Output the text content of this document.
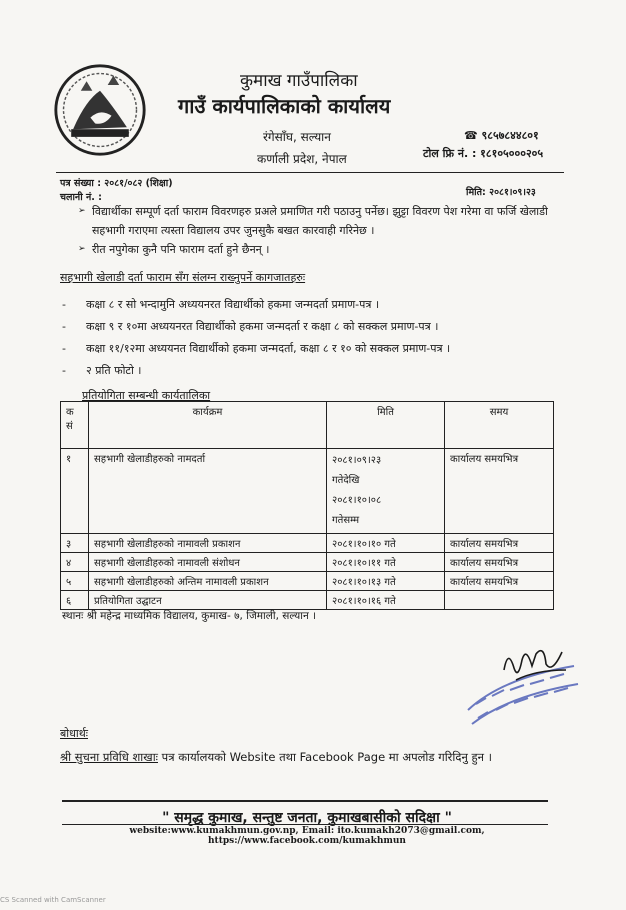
कुमाख गाउँपालिका
गाउँ कार्यपालिकाको कार्यालय
रंगेसाँघ, सल्यान
कर्णाली प्रदेश, नेपाल
☎ ९८५७८४४८०१
टोल फ्रि नं. : १८१०५०००२०५
पत्र संख्या : २०८१/०८२ (शिक्षा)
चलानी नं. :	मिति: २०८१।०९।२३
➢ विद्यार्थीका सम्पूर्ण दर्ता फाराम विवरणहरु प्रअले प्रमाणित गरी पठाउनु पर्नेछ। झुट्टा विवरण पेश गरेमा वा फर्जि खेलाडी सहभागी गराएमा त्यस्ता विद्यालय उपर जुनसुकै बखत कारवाही गरिनेछ ।
➢ रीत नपुगेका कुनै पनि फाराम दर्ता हुने छैनन् ।
सहभागी खेलाडी दर्ता फाराम सँग संलग्न राख्नुपर्ने कागजातहरुः
-	कक्षा ८ र सो भन्दामुनि अध्ययनरत विद्यार्थीको हकमा जन्मदर्ता प्रमाण-पत्र ।
-	कक्षा ९ र १०मा अध्ययनरत विद्यार्थीको हकमा जन्मदर्ता र कक्षा ८ को सक्कल प्रमाण-पत्र ।
-	कक्षा ११/१२मा अध्ययनत विद्यार्थीको हकमा जन्मदर्ता, कक्षा ८ र १० को सक्कल प्रमाण-पत्र ।
-	२ प्रति फोटो ।
प्रतियोगिता सम्बन्धी कार्यतालिका
क सं	कार्यक्रम	मिति	समय
१	सहभागी खेलाडीहरुको नामदर्ता	२०८१।०९।२३
गतेदेखि
२०८१।१०।०८
गतेसम्म	कार्यालय समयभित्र
३	सहभागी खेलाडीहरुको नामावली प्रकाशन	२०८१।१०।१० गते	कार्यालय समयभित्र
४	सहभागी खेलाडीहरुको नामावली संशोधन	२०८१।१०।११ गते	कार्यालय समयभित्र
५	सहभागी खेलाडीहरुको अन्तिम नामावली प्रकाशन	२०८१।१०।१३ गते	कार्यालय समयभित्र
६	प्रतियोगिता उद्घाटन	२०८१।१०।१६ गते	
स्थानः श्री महेन्द्र माध्यमिक विद्यालय, कुमाख- ७, जिमाली, सल्यान ।
बोधार्थः
श्री सुचना प्रविधि शाखाः पत्र कार्यालयको Website तथा Facebook Page मा अपलोड गरिदिनु हुन ।
" समृद्ध कुमाख, सन्तुष्ट जनता, कुमाखबासीको सदिक्षा "
website:www.kumakhmun.gov.np, Email: ito.kumakh2073@gmail.com, https://www.facebook.com/kumakhmun
CS Scanned with CamScanner
